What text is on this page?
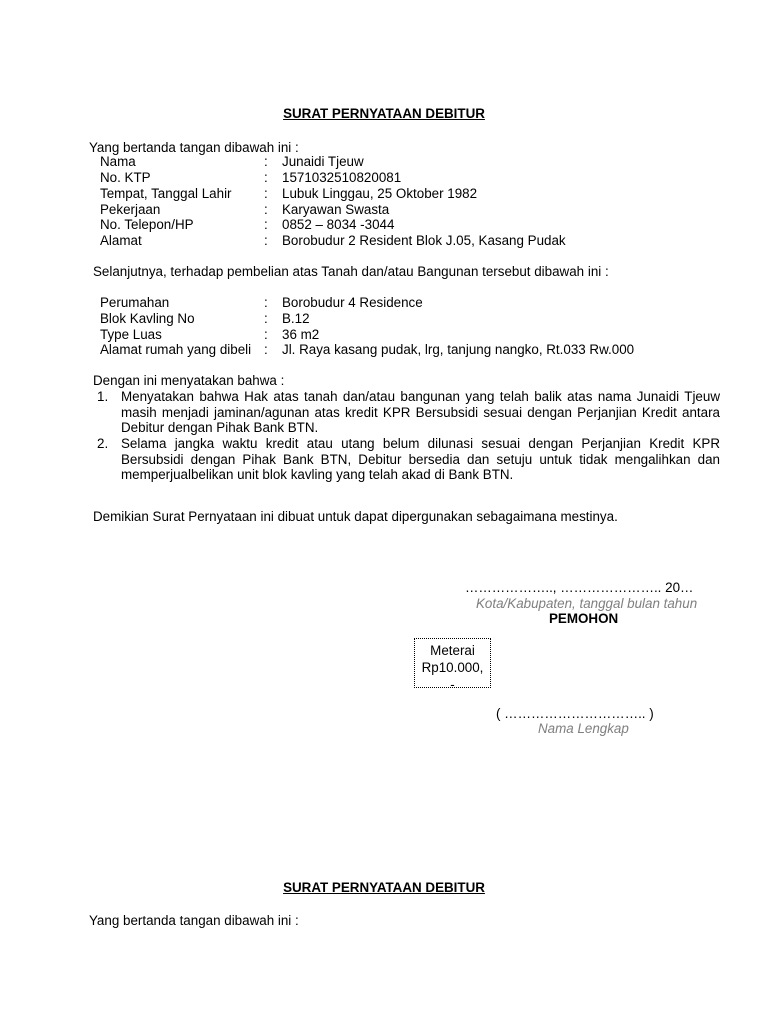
SURAT PERNYATAAN DEBITUR
Yang bertanda tangan dibawah ini :
Nama	: Junaidi Tjeuw
No. KTP	: 1571032510820081
Tempat, Tanggal Lahir : Lubuk Linggau, 25 Oktober 1982
Pekerjaan	: Karyawan Swasta
No. Telepon/HP	: 0852 – 8034 -3044
Alamat	: Borobudur 2 Resident Blok J.05, Kasang Pudak
Selanjutnya, terhadap pembelian atas Tanah dan/atau Bangunan tersebut dibawah ini :
Perumahan	: Borobudur 4 Residence
Blok Kavling No	: B.12
Type Luas	: 36 m2
Alamat rumah yang dibeli : Jl. Raya kasang pudak, lrg, tanjung nangko, Rt.033 Rw.000
Dengan ini menyatakan bahwa :
1. Menyatakan bahwa Hak atas tanah dan/atau bangunan yang telah balik atas nama Junaidi Tjeuw masih menjadi jaminan/agunan atas kredit KPR Bersubsidi sesuai dengan Perjanjian Kredit antara Debitur dengan Pihak Bank BTN.
2. Selama jangka waktu kredit atau utang belum dilunasi sesuai dengan Perjanjian Kredit KPR Bersubsidi dengan Pihak Bank BTN, Debitur bersedia dan setuju untuk tidak mengalihkan dan memperjualbelikan unit blok kavling yang telah akad di Bank BTN.
Demikian Surat Pernyataan ini dibuat untuk dapat dipergunakan sebagaimana mestinya.
……………….., ………………….. 20…
Kota/Kabupaten, tanggal bulan tahun
PEMOHON
Meterai
Rp10.000,
-
( ………………………….. )
Nama Lengkap
SURAT PERNYATAAN DEBITUR
Yang bertanda tangan dibawah ini :
